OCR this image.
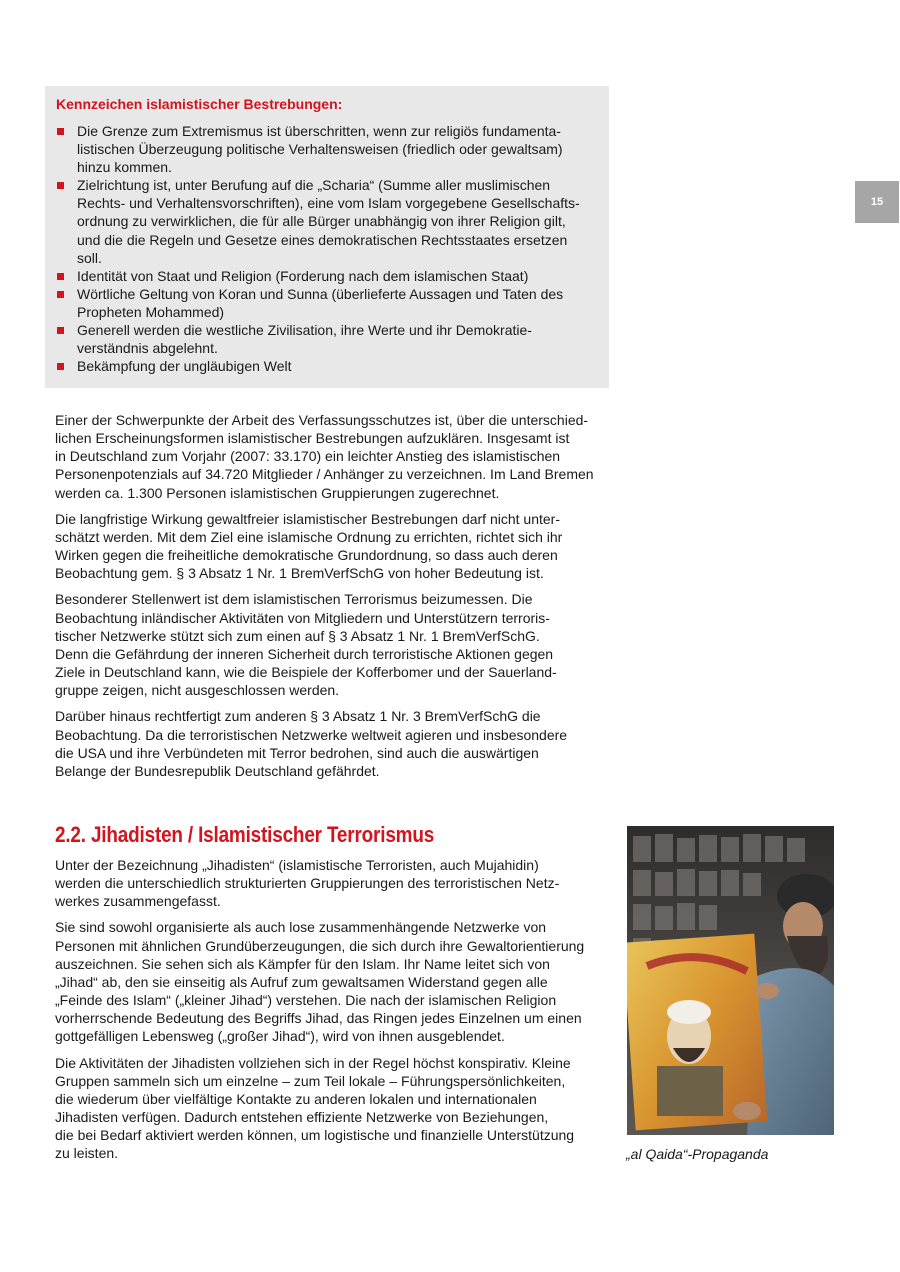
Kennzeichen islamistischer Bestrebungen:
Die Grenze zum Extremismus ist überschritten, wenn zur religiös fundamenta-
listischen Überzeugung politische Verhaltensweisen (friedlich oder gewaltsam)
hinzu kommen.
Zielrichtung ist, unter Berufung auf die „Scharia“ (Summe aller muslimischen
Rechts- und Verhaltensvorschriften), eine vom Islam vorgegebene Gesellschafts-
ordnung zu verwirklichen, die für alle Bürger unabhängig von ihrer Religion gilt,
und die die Regeln und Gesetze eines demokratischen Rechtsstaates ersetzen
soll.
Identität von Staat und Religion (Forderung nach dem islamischen Staat)
Wörtliche Geltung von Koran und Sunna (überlieferte Aussagen und Taten des
Propheten Mohammed)
Generell werden die westliche Zivilisation, ihre Werte und ihr Demokratie-
verständnis abgelehnt.
Bekämpfung der ungläubigen Welt
15

Einer der Schwerpunkte der Arbeit des Verfassungsschutzes ist, über die unterschied-
lichen Erscheinungsformen islamistischer Bestrebungen aufzuklären. Insgesamt ist
in Deutschland zum Vorjahr (2007: 33.170) ein leichter Anstieg des islamistischen
Personenpotenzials auf 34.720 Mitglieder / Anhänger zu verzeichnen. Im Land Bremen
werden ca. 1.300 Personen islamistischen Gruppierungen zugerechnet.

Die langfristige Wirkung gewaltfreier islamistischer Bestrebungen darf nicht unter-
schätzt werden. Mit dem Ziel eine islamische Ordnung zu errichten, richtet sich ihr
Wirken gegen die freiheitliche demokratische Grundordnung, so dass auch deren
Beobachtung gem. § 3 Absatz 1 Nr. 1 BremVerfSchG von hoher Bedeutung ist.

Besonderer Stellenwert ist dem islamistischen Terrorismus beizumessen. Die
Beobachtung inländischer Aktivitäten von Mitgliedern und Unterstützern terroris-
tischer Netzwerke stützt sich zum einen auf § 3 Absatz 1 Nr. 1 BremVerfSchG.
Denn die Gefährdung der inneren Sicherheit durch terroristische Aktionen gegen
Ziele in Deutschland kann, wie die Beispiele der Kofferbomer und der Sauerland-
gruppe zeigen, nicht ausgeschlossen werden.

Darüber hinaus rechtfertigt zum anderen § 3 Absatz 1 Nr. 3 BremVerfSchG die
Beobachtung. Da die terroristischen Netzwerke weltweit agieren und insbesondere
die USA und ihre Verbündeten mit Terror bedrohen, sind auch die auswärtigen
Belange der Bundesrepublik Deutschland gefährdet.

2.2. Jihadisten / Islamistischer Terrorismus

Unter der Bezeichnung „Jihadisten“ (islamistische Terroristen, auch Mujahidin)
werden die unterschiedlich strukturierten Gruppierungen des terroristischen Netz-
werkes zusammengefasst.

Sie sind sowohl organisierte als auch lose zusammenhängende Netzwerke von
Personen mit ähnlichen Grundüberzeugungen, die sich durch ihre Gewaltorientierung
auszeichnen. Sie sehen sich als Kämpfer für den Islam. Ihr Name leitet sich von
„Jihad“ ab, den sie einseitig als Aufruf zum gewaltsamen Widerstand gegen alle
„Feinde des Islam“ („kleiner Jihad“) verstehen. Die nach der islamischen Religion
vorherrschende Bedeutung des Begriffs Jihad, das Ringen jedes Einzelnen um einen
gottgefälligen Lebensweg („großer Jihad“), wird von ihnen ausgeblendet.

Die Aktivitäten der Jihadisten vollziehen sich in der Regel höchst konspirativ. Kleine
Gruppen sammeln sich um einzelne – zum Teil lokale – Führungspersönlichkeiten,
die wiederum über vielfältige Kontakte zu anderen lokalen und internationalen
Jihadisten verfügen. Dadurch entstehen effiziente Netzwerke von Beziehungen,
die bei Bedarf aktiviert werden können, um logistische und finanzielle Unterstützung
zu leisten.	„al Qaida“-Propaganda
